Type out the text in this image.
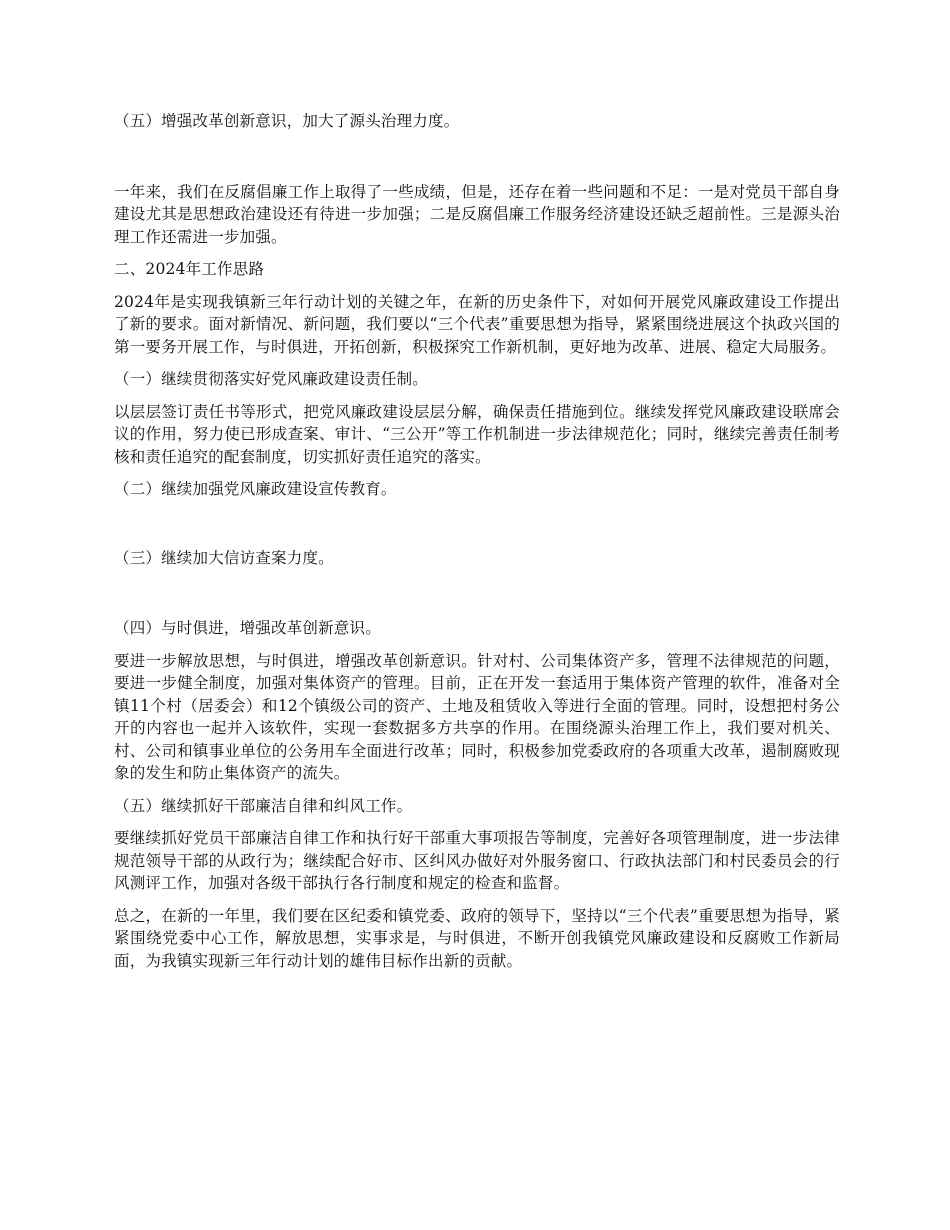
（五）增强改革创新意识，加大了源头治理力度。

一年来，我们在反腐倡廉工作上取得了一些成绩，但是，还存在着一些问题和不足：一是对党员干部自身建设尤其是思想政治建设还有待进一步加强；二是反腐倡廉工作服务经济建设还缺乏超前性。三是源头治理工作还需进一步加强。

二、2024年工作思路

2024年是实现我镇新三年行动计划的关键之年，在新的历史条件下，对如何开展党风廉政建设工作提出了新的要求。面对新情况、新问题，我们要以“三个代表”重要思想为指导，紧紧围绕进展这个执政兴国的第一要务开展工作，与时俱进，开拓创新，积极探究工作新机制，更好地为改革、进展、稳定大局服务。

（一）继续贯彻落实好党风廉政建设责任制。

以层层签订责任书等形式，把党风廉政建设层层分解，确保责任措施到位。继续发挥党风廉政建设联席会议的作用，努力使已形成查案、审计、“三公开”等工作机制进一步法律规范化；同时，继续完善责任制考核和责任追究的配套制度，切实抓好责任追究的落实。

（二）继续加强党风廉政建设宣传教育。

（三）继续加大信访查案力度。

（四）与时俱进，增强改革创新意识。

要进一步解放思想，与时俱进，增强改革创新意识。针对村、公司集体资产多，管理不法律规范的问题，要进一步健全制度，加强对集体资产的管理。目前，正在开发一套适用于集体资产管理的软件，准备对全镇11个村（居委会）和12个镇级公司的资产、土地及租赁收入等进行全面的管理。同时，设想把村务公开的内容也一起并入该软件，实现一套数据多方共享的作用。在围绕源头治理工作上，我们要对机关、村、公司和镇事业单位的公务用车全面进行改革；同时，积极参加党委政府的各项重大改革，遏制腐败现象的发生和防止集体资产的流失。

（五）继续抓好干部廉洁自律和纠风工作。

要继续抓好党员干部廉洁自律工作和执行好干部重大事项报告等制度，完善好各项管理制度，进一步法律规范领导干部的从政行为；继续配合好市、区纠风办做好对外服务窗口、行政执法部门和村民委员会的行风测评工作，加强对各级干部执行各行制度和规定的检查和监督。

总之，在新的一年里，我们要在区纪委和镇党委、政府的领导下，坚持以“三个代表”重要思想为指导，紧紧围绕党委中心工作，解放思想，实事求是，与时俱进，不断开创我镇党风廉政建设和反腐败工作新局面，为我镇实现新三年行动计划的雄伟目标作出新的贡献。
